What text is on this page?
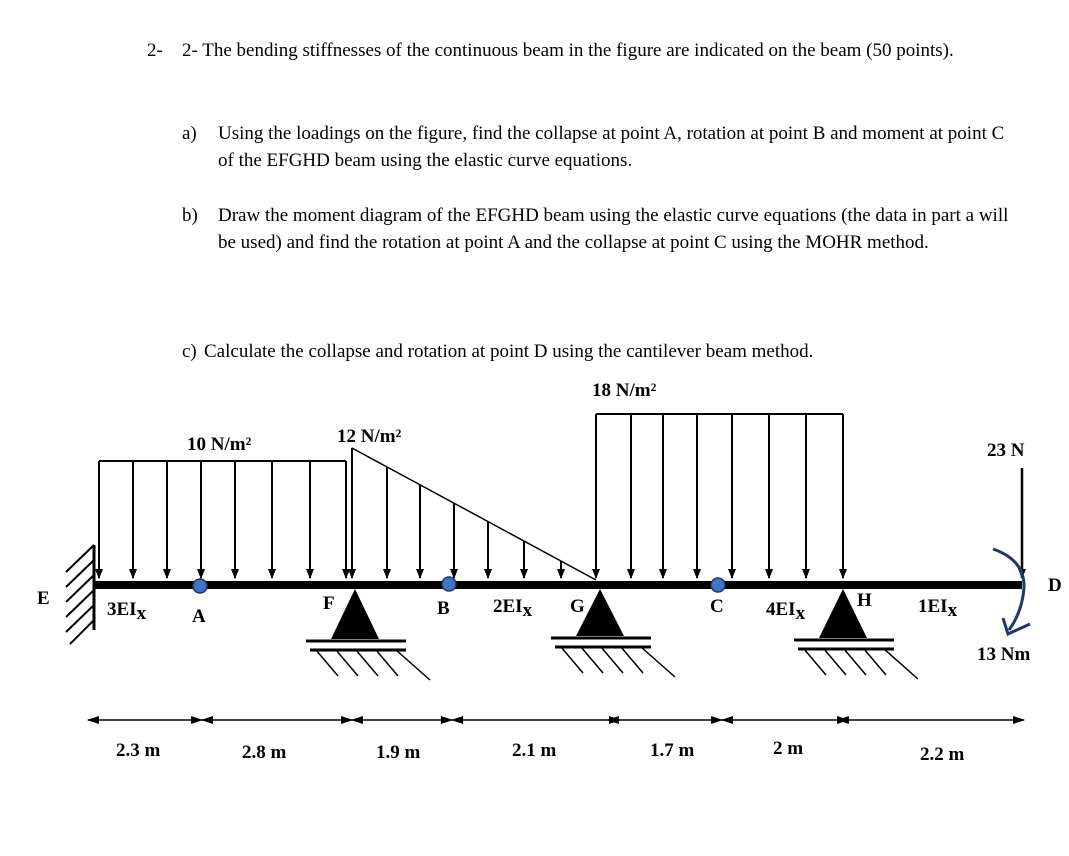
2- 2- The bending stiffnesses of the continuous beam in the figure are indicated on the beam (50 points).
a) Using the loadings on the figure, find the collapse at point A, rotation at point B and moment at point C of the EFGHD beam using the elastic curve equations.
b) Draw the moment diagram of the EFGHD beam using the elastic curve equations (the data in part a will be used) and find the rotation at point A and the collapse at point C using the MOHR method.
c) Calculate the collapse and rotation at point D using the cantilever beam method.
10 N/m²	12 N/m²
18 N/m²
23 N
13 Nm
E
A
F	B	G	C	H
D
3EIx	2EIx	4EIx	1EIx
2.3 m	2.8 m	1.9 m	2.1 m	1.7 m	2 m	2.2 m
